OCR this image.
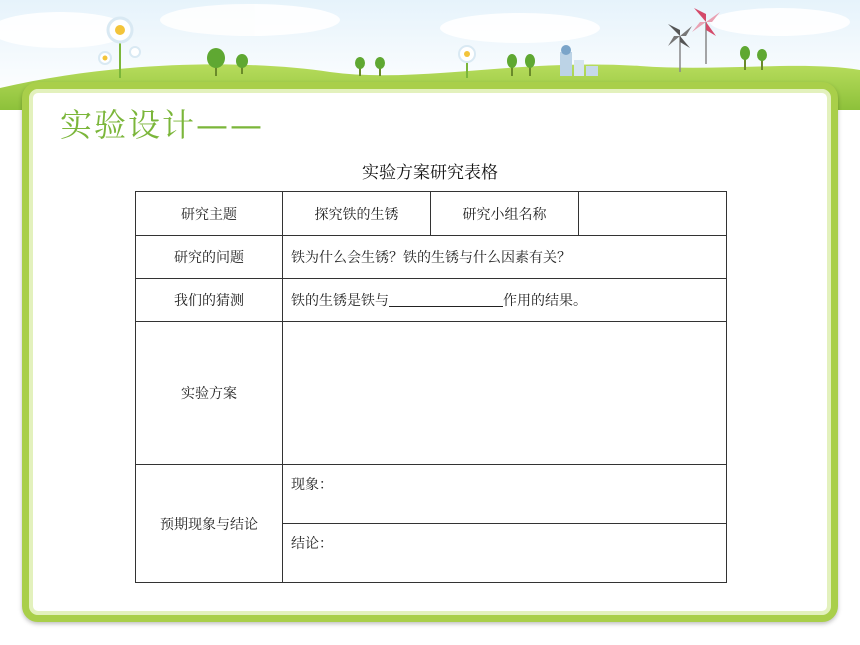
实验设计——
实验方案研究表格
研究主题	探究铁的生锈	研究小组名称	
研究的问题	铁为什么会生锈？铁的生锈与什么因素有关？		
我们的猜测	铁的生锈是铁与 作用的结果。		
实验方案			
预期现象与结论	现象：		
	结论：		
